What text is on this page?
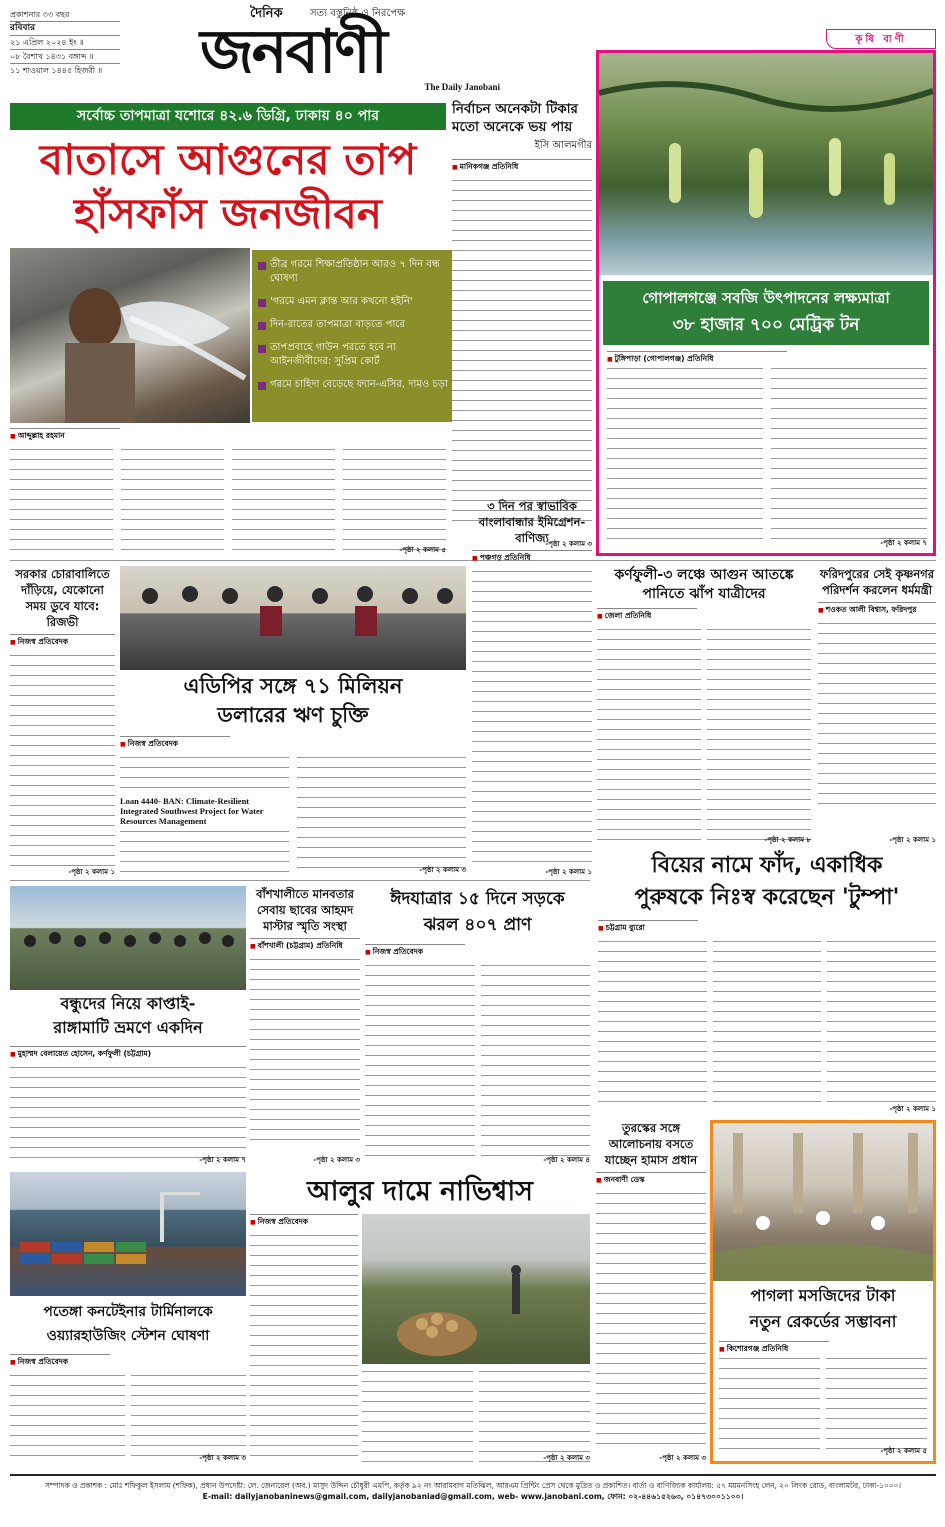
প্রকাশনার ৩৩ বছর
রবিবার
২১ এপ্রিল ২০২৪ ইং ॥
০৮ বৈশাখ ১৪৩১ বঙ্গাব্দ ॥
১১ শাওয়াল ১৪৪৫ হিজরী ॥
দৈনিক	সত্য বস্তুনিষ্ঠ ও নিরপেক্ষ
জনবাণী	The Daily Janobani
সর্বোচ্চ তাপমাত্রা যশোরে ৪২.৬ ডিগ্রি, ঢাকায় ৪০ পার
বাতাসে আগুনের তাপ
হাঁসফাঁস জনজীবন
তীব্র গরমে শিক্ষাপ্রতিষ্ঠান আরও ৭ দিন বন্ধ ঘোষণা
'গরমে এমন ক্লান্ত আর কখনো হইনি'
দিন-রাতের তাপমাত্রা বাড়তে পারে
তাপপ্রবাহে গাউন পরতে হবে না আইনজীবীদের: সুপ্রিম কোর্ট
গরমে চাহিদা বেড়েছে ফ্যান-এসির, দামও চড়া
■ আব্দুল্লাহ রহমান
-পৃষ্ঠা ২ কলাম ৫
নির্বাচন অনেকটা টিকার মতো অনেকে ভয় পায়
ইসি আলমগীর
■ মানিকগঞ্জ প্রতিনিধি
-পৃষ্ঠা ২ কলাম ৩
কৃষি বাণী
গোপালগঞ্জে সবজি উৎপাদনের লক্ষ্যমাত্রা
৩৮ হাজার ৭০০ মেট্রিক টন
■ টুঙ্গিপাড়া (গোপালগঞ্জ) প্রতিনিধি
-পৃষ্ঠা ২ কলাম ৭
সরকার চোরাবালিতে দাঁড়িয়ে, যেকোনো সময় ডুবে যাবে: রিজভী
■ নিজস্ব প্রতিবেদক
-পৃষ্ঠা ২ কলাম ১
এডিপির সঙ্গে ৭১ মিলিয়ন
ডলারের ঋণ চুক্তি
■ নিজস্ব প্রতিবেদক
Loan 4440- BAN: Climate-Resilient Integrated Southwest Project for Water Resources Management
-পৃষ্ঠা ২ কলাম ৩
৩ দিন পর স্বাভাবিক বাংলাবান্ধার ইমিগ্রেশন-বাণিজ্য
■ পঞ্চগড় প্রতিনিধি
-পৃষ্ঠা ২ কলাম ১
কর্ণফুলী-৩ লঞ্চে আগুন আতঙ্কে পানিতে ঝাঁপ যাত্রীদের
■ জেলা প্রতিনিধি
-পৃষ্ঠা ২ কলাম ৮
ফরিদপুরের সেই কৃষ্ণনগর পরিদর্শন করলেন ধর্মমন্ত্রী
■ শওকত আলী বিশ্বাস, ফরিদপুর
-পৃষ্ঠা ২ কলাম ১
বিয়ের নামে ফাঁদ, একাধিক
পুরুষকে নিঃস্ব করেছেন 'টুম্পা'
■ চট্টগ্রাম ব্যুরো
-পৃষ্ঠা ২ কলাম ১
বন্ধুদের নিয়ে কাপ্তাই-
রাঙ্গামাটি ভ্রমণে একদিন
■ মুহাম্মদ বেলায়েত হোসেন, কর্ণফুলী (চট্টগ্রাম)
-পৃষ্ঠা ২ কলাম ৭
বাঁশখালীতে মানবতার সেবায় ছাবের আহমদ মাস্টার স্মৃতি সংস্থা
■ বাঁশখালী (চট্টগ্রাম) প্রতিনিধি
-পৃষ্ঠা ২ কলাম ৩
ঈদযাত্রার ১৫ দিনে সড়কে
ঝরল ৪০৭ প্রাণ
■ নিজস্ব প্রতিবেদক
-পৃষ্ঠা ২ কলাম ৪
পতেঙ্গা কনটেইনার টার্মিনালকে
ওয়্যারহাউজিং স্টেশন ঘোষণা
■ নিজস্ব প্রতিবেদক
-পৃষ্ঠা ২ কলাম ৩
আলুর দামে নাভিশ্বাস
■ নিজস্ব প্রতিবেদক
-পৃষ্ঠা ২ কলাম ৩
তুরস্কের সঙ্গে আলোচনায় বসতে যাচ্ছেন হামাস প্রধান
■ জনবাণী ডেস্ক
-পৃষ্ঠা ২ কলাম ৩
পাগলা মসজিদের টাকা
নতুন রেকর্ডের সম্ভাবনা
■ কিশোরগঞ্জ প্রতিনিধি
-পৃষ্ঠা ২ কলাম ৫
সম্পাদক ও প্রকাশক : মোঃ শফিকুল ইসলাম (শফিক), প্রধান উপদেষ্টা: লে. জেনারেল (অব.) মাসুদ উদ্দিন চৌধুরী এমপি, কর্তৃক ৯২ নং আরামবাগ মতিঝিল, আরএম প্রিন্টিং প্রেস থেকে মুদ্রিত ও প্রকাশিত। বার্তা ও বাণিজ্যিক কার্যালয়: ৫৭ ময়মনসিংহ লেন, ২০ লিংক রোড, বাংলামটর, ঢাকা-১০০০।
E-mail: dailyjanobaninews@gmail.com, dailyjanobaniad@gmail.com, web- www.janobani.com, ফোন: ০২-৪৪৬১৫২৬৩, ০১৪৭৩০০১১০০।
